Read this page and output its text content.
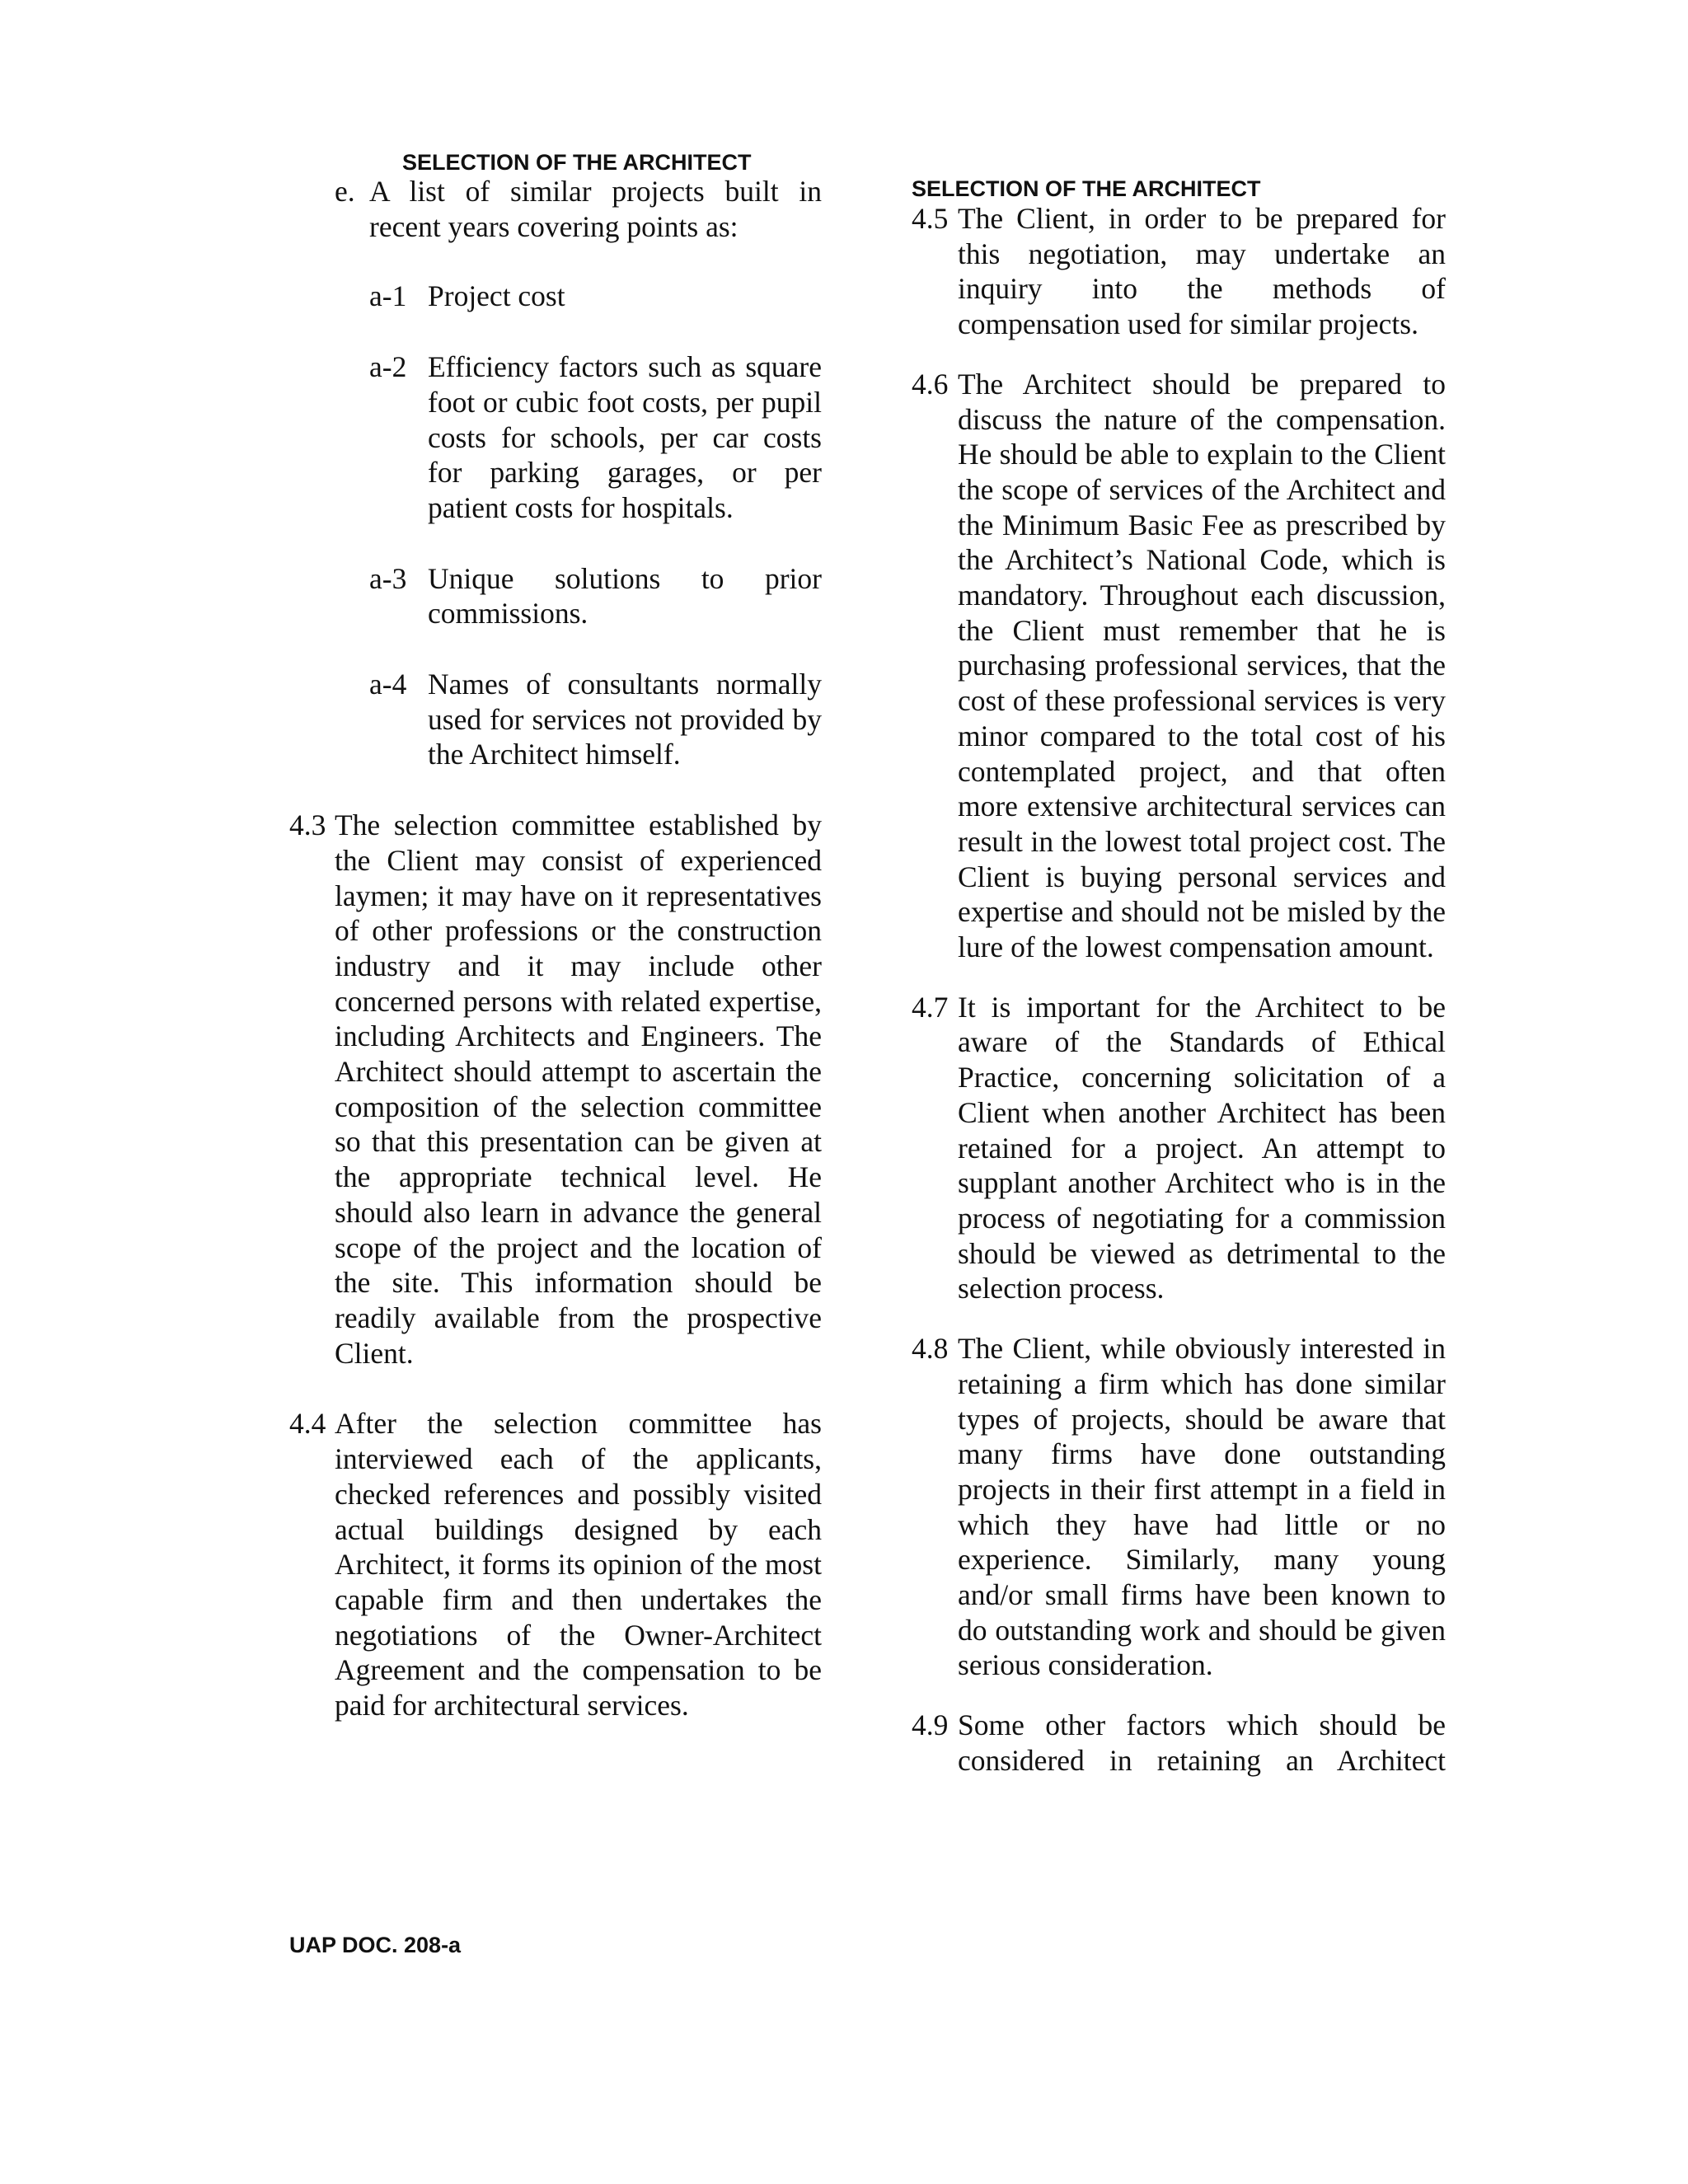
SELECTION OF THE ARCHITECT
e. A list of similar projects built in recent years covering points as:
a-1 Project cost
a-2 Efficiency factors such as square foot or cubic foot costs, per pupil costs for schools, per car costs for parking garages, or per patient costs for hospitals.
a-3 Unique solutions to prior commissions.
a-4 Names of consultants normally used for services not provided by the Architect himself.
4.3 The selection committee established by the Client may consist of experienced laymen; it may have on it representatives of other professions or the construction industry and it may include other concerned persons with related expertise, including Architects and Engineers. The Architect should attempt to ascertain the composition of the selection committee so that this presentation can be given at the appropriate technical level. He should also learn in advance the general scope of the project and the location of the site. This information should be readily available from the prospective Client.
4.4 After the selection committee has interviewed each of the applicants, checked references and possibly visited actual buildings designed by each Architect, it forms its opinion of the most capable firm and then undertakes the negotiations of the Owner-Architect Agreement and the compensation to be paid for architectural services.
SELECTION OF THE ARCHITECT
4.5 The Client, in order to be prepared for this negotiation, may undertake an inquiry into the methods of compensation used for similar projects.
4.6 The Architect should be prepared to discuss the nature of the compensation. He should be able to explain to the Client the scope of services of the Architect and the Minimum Basic Fee as prescribed by the Architect’s National Code, which is mandatory. Throughout each discussion, the Client must remember that he is purchasing professional services, that the cost of these professional services is very minor compared to the total cost of his contemplated project, and that often more extensive architectural services can result in the lowest total project cost. The Client is buying personal services and expertise and should not be misled by the lure of the lowest compensation amount.
4.7 It is important for the Architect to be aware of the Standards of Ethical Practice, concerning solicitation of a Client when another Architect has been retained for a project. An attempt to supplant another Architect who is in the process of negotiating for a commission should be viewed as detrimental to the selection process.
4.8 The Client, while obviously interested in retaining a firm which has done similar types of projects, should be aware that many firms have done outstanding projects in their first attempt in a field in which they have had little or no experience. Similarly, many young and/or small firms have been known to do outstanding work and should be given serious consideration.
4.9 Some other factors which should be considered in retaining an Architect
UAP DOC. 208-a
